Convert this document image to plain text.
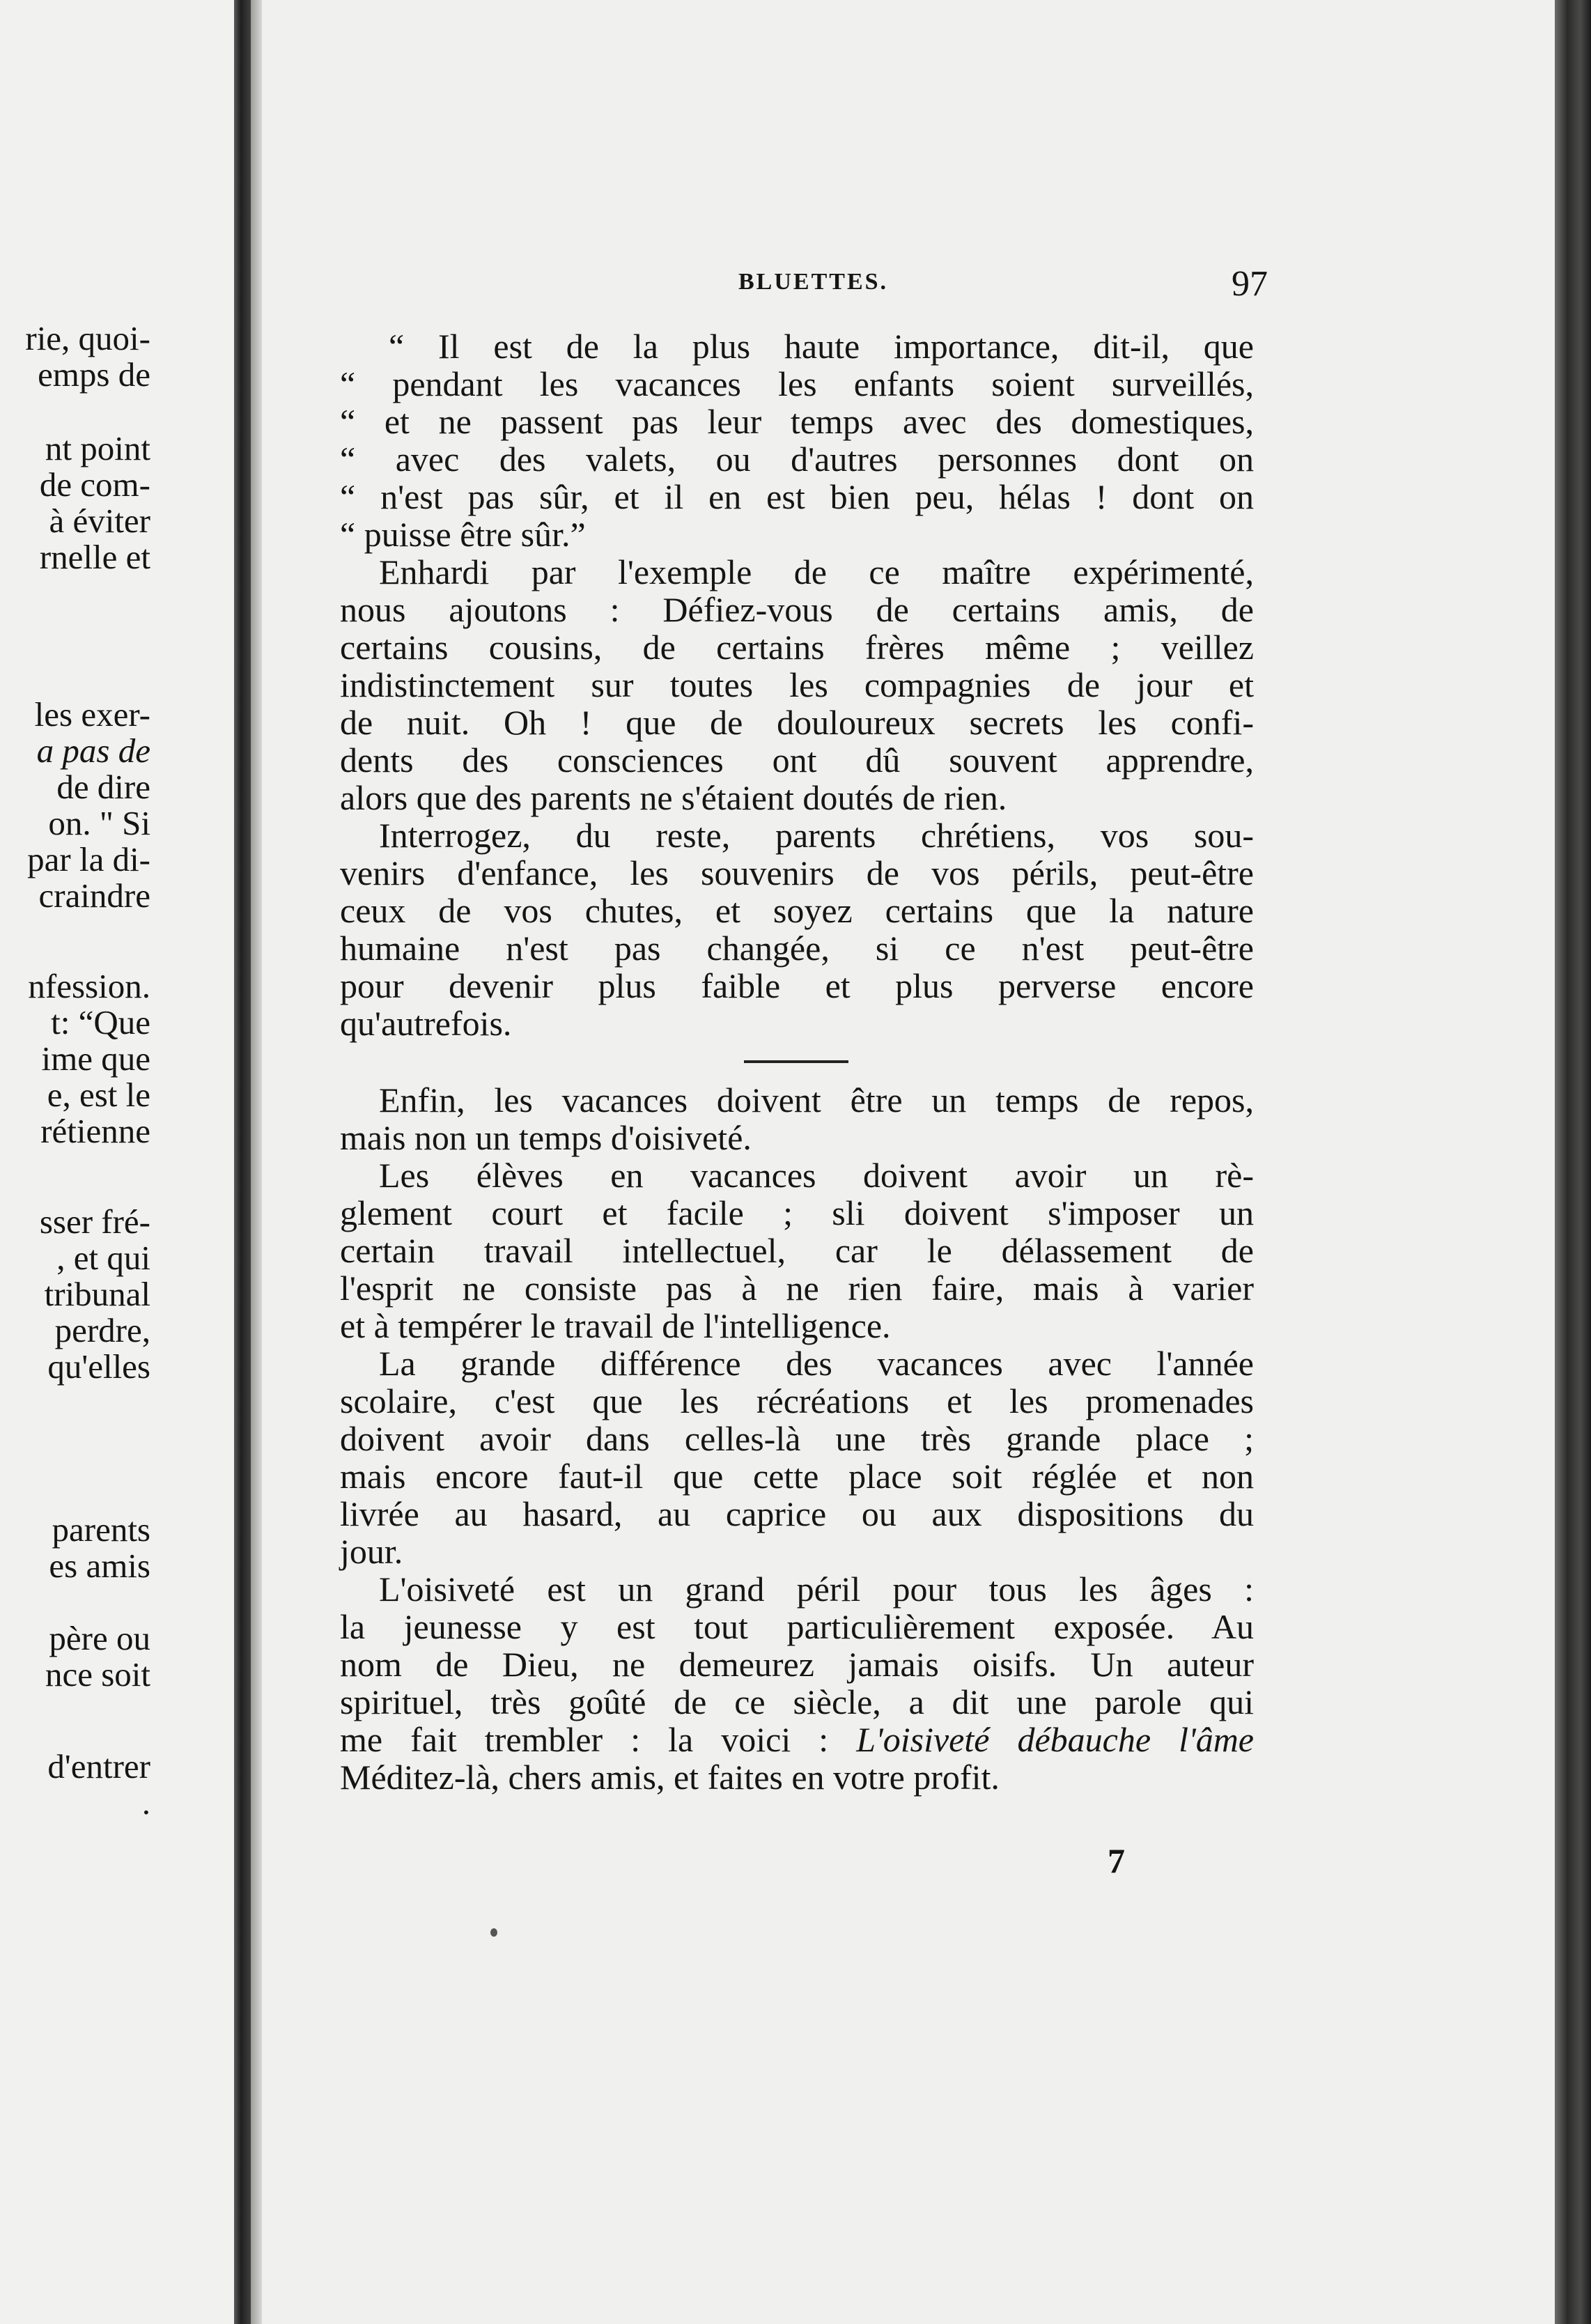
rie, quoi-
emps de
nt point
de com-
à éviter
rnelle et
les exer-
a pas de
de dire
on. " Si
par la di-
craindre
nfession.
t: “Que
ime que
e, est le
rétienne
sser fré-
, et qui
tribunal
perdre,
qu'elles
parents
es amis
père ou
nce soit
d'entrer
.
BLUETTES.	97
“ Il est de la plus haute importance, dit-il, que
“ pendant les vacances les enfants soient surveillés,
“ et ne passent pas leur temps avec des domestiques,
“ avec des valets, ou d'autres personnes dont on
“ n'est pas sûr, et il en est bien peu, hélas ! dont on
“ puisse être sûr.”
Enhardi par l'exemple de ce maître expérimenté,
nous ajoutons : Défiez-vous de certains amis, de
certains cousins, de certains frères même ; veillez
indistinctement sur toutes les compagnies de jour et
de nuit. Oh ! que de douloureux secrets les confi-
dents des consciences ont dû souvent apprendre,
alors que des parents ne s'étaient doutés de rien.
Interrogez, du reste, parents chrétiens, vos sou-
venirs d'enfance, les souvenirs de vos périls, peut-être
ceux de vos chutes, et soyez certains que la nature
humaine n'est pas changée, si ce n'est peut-être
pour devenir plus faible et plus perverse encore
qu'autrefois.
Enfin, les vacances doivent être un temps de repos,
mais non un temps d'oisiveté.
Les élèves en vacances doivent avoir un rè-
glement court et facile ; sli doivent s'imposer un
certain travail intellectuel, car le délassement de
l'esprit ne consiste pas à ne rien faire, mais à varier
et à tempérer le travail de l'intelligence.
La grande différence des vacances avec l'année
scolaire, c'est que les récréations et les promenades
doivent avoir dans celles-là une très grande place ;
mais encore faut-il que cette place soit réglée et non
livrée au hasard, au caprice ou aux dispositions du
jour.
L'oisiveté est un grand péril pour tous les âges :
la jeunesse y est tout particulièrement exposée. Au
nom de Dieu, ne demeurez jamais oisifs. Un auteur
spirituel, très goûté de ce siècle, a dit une parole qui
me fait trembler : la voici : L'oisiveté débauche l'âme
Méditez-là, chers amis, et faites en votre profit.
7
